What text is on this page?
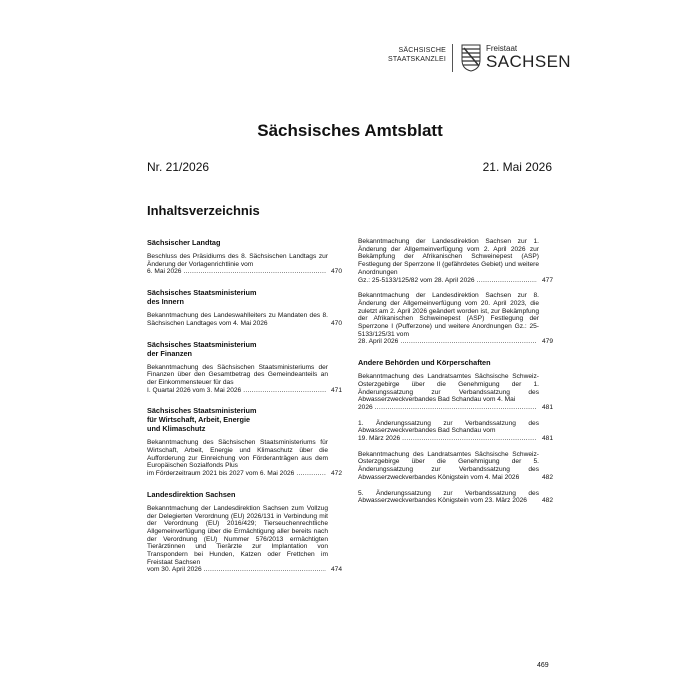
SÄCHSISCHE
STAATSKANZLEI
Freistaat
SACHSEN
Sächsisches Amtsblatt
Nr. 21/2026	21. Mai 2026
Inhaltsverzeichnis
Sächsischer Landtag
Beschluss des Präsidiums des 8. Sächsischen Landtags zur Änderung der Vorlagenrichtlinie vom
6. Mai 2026 .....	470
Sächsisches Staatsministerium
des Innern
Bekanntmachung des Landeswahlleiters zu Mandaten des 8. Sächsischen Landtages vom 4. Mai 2026	470
Sächsisches Staatsministerium
der Finanzen
Bekanntmachung des Sächsischen Staatsministeriums der Finanzen über den Gesamtbetrag des Gemeindeanteils an der Einkommensteuer für das
I. Quartal 2026 vom 3. Mai 2026 .....	471
Sächsisches Staatsministerium
für Wirtschaft, Arbeit, Energie
und Klimaschutz
Bekanntmachung des Sächsischen Staatsministeriums für Wirtschaft, Arbeit, Energie und Klimaschutz über die Aufforderung zur Einreichung von Förderanträgen aus dem Europäischen Sozialfonds Plus
im Förderzeitraum 2021 bis 2027 vom 6. Mai 2026 .....	472
Landesdirektion Sachsen
Bekanntmachung der Landesdirektion Sachsen zum Vollzug der Delegierten Verordnung (EU) 2026/131 in Verbindung mit der Verordnung (EU) 2016/429; Tierseuchenrechtliche Allgemeinverfügung über die Ermächtigung aller bereits nach der Verordnung (EU) Nummer 576/2013 ermächtigten Tierärztinnen und Tierärzte zur Implantation von Transpondern bei Hunden, Katzen oder Frettchen im Freistaat Sachsen
vom 30. April 2026 .....	474
Bekanntmachung der Landesdirektion Sachsen zur 1. Änderung der Allgemeinverfügung vom 2. April 2026 zur Bekämpfung der Afrikanischen Schweinepest (ASP) Festlegung der Sperrzone II (gefährdetes Gebiet) und weitere Anordnungen
Gz.: 25-5133/125/82 vom 28. April 2026 .....	477
Bekanntmachung der Landesdirektion Sachsen zur 8. Änderung der Allgemeinverfügung vom 20. April 2023, die zuletzt am 2. April 2026 geändert worden ist, zur Bekämpfung der Afrikanischen Schweinepest (ASP) Festlegung der Sperrzone I (Pufferzone) und weitere Anordnungen Gz.: 25-5133/125/31 vom
28. April 2026 .....	479
Andere Behörden und Körperschaften
Bekanntmachung des Landratsamtes Sächsische Schweiz-Osterzgebirge über die Genehmigung der 1. Änderungssatzung zur Verbandssatzung des Abwasserzweckverbandes Bad Schandau vom 4. Mai
2026 .....	481
1. Änderungssatzung zur Verbandssatzung des Abwasserzweckverbandes Bad Schandau vom
19. März 2026 .....	481
Bekanntmachung des Landratsamtes Sächsische Schweiz-Osterzgebirge über die Genehmigung der 5. Änderungssatzung zur Verbandssatzung des Abwasserzweckverbandes Königstein vom 4. Mai 2026	482
5. Änderungssatzung zur Verbandssatzung des Abwasserzweckverbandes Königstein vom 23. März 2026	482
469
